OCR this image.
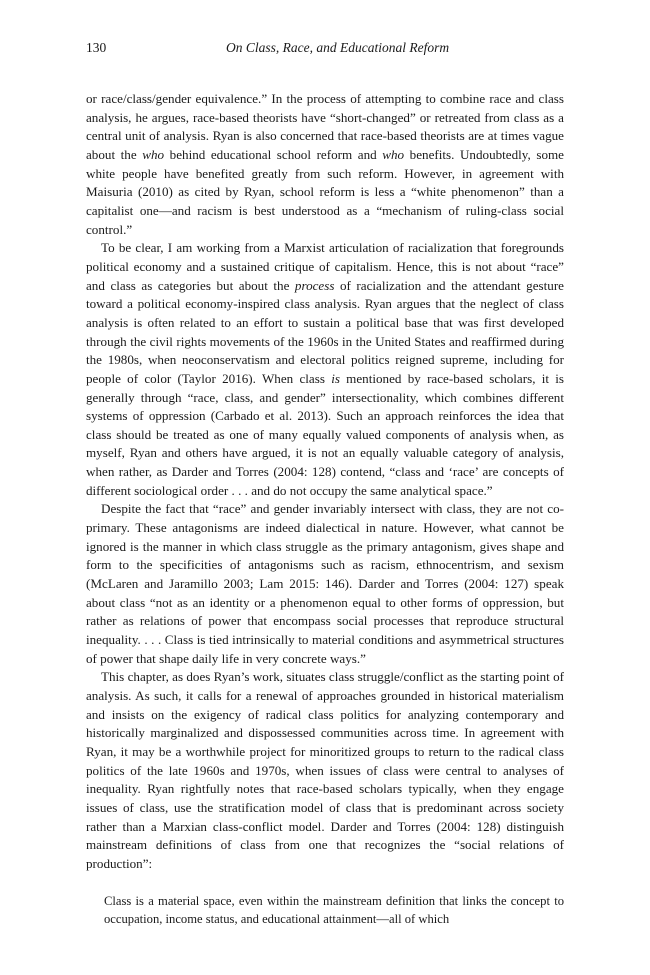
130	On Class, Race, and Educational Reform

or race/class/gender equivalence.” In the process of attempting to combine race and class analysis, he argues, race-based theorists have “short-changed” or retreated from class as a central unit of analysis. Ryan is also concerned that race-based theorists are at times vague about the who behind educational school reform and who benefits. Undoubtedly, some white people have benefited greatly from such reform. However, in agreement with Maisuria (2010) as cited by Ryan, school reform is less a “white phenomenon” than a capitalist one—and racism is best understood as a “mechanism of ruling-class social control.”

To be clear, I am working from a Marxist articulation of racialization that foregrounds political economy and a sustained critique of capitalism. Hence, this is not about “race” and class as categories but about the process of racialization and the attendant gesture toward a political economy-inspired class analysis. Ryan argues that the neglect of class analysis is often related to an effort to sustain a political base that was first developed through the civil rights movements of the 1960s in the United States and reaffirmed during the 1980s, when neoconservatism and electoral politics reigned supreme, including for people of color (Taylor 2016). When class is mentioned by race-based scholars, it is generally through “race, class, and gender” intersectionality, which combines different systems of oppression (Carbado et al. 2013). Such an approach reinforces the idea that class should be treated as one of many equally valued components of analysis when, as myself, Ryan and others have argued, it is not an equally valuable category of analysis, when rather, as Darder and Torres (2004: 128) contend, “class and ‘race’ are concepts of different sociological order . . . and do not occupy the same analytical space.”

Despite the fact that “race” and gender invariably intersect with class, they are not co-primary. These antagonisms are indeed dialectical in nature. However, what cannot be ignored is the manner in which class struggle as the primary antagonism, gives shape and form to the specificities of antagonisms such as racism, ethnocentrism, and sexism (McLaren and Jaramillo 2003; Lam 2015: 146). Darder and Torres (2004: 127) speak about class “not as an identity or a phenomenon equal to other forms of oppression, but rather as relations of power that encompass social processes that reproduce structural inequality. . . . Class is tied intrinsically to material conditions and asymmetrical structures of power that shape daily life in very concrete ways.”

This chapter, as does Ryan’s work, situates class struggle/conflict as the starting point of analysis. As such, it calls for a renewal of approaches grounded in historical materialism and insists on the exigency of radical class politics for analyzing contemporary and historically marginalized and dispossessed communities across time. In agreement with Ryan, it may be a worthwhile project for minoritized groups to return to the radical class politics of the late 1960s and 1970s, when issues of class were central to analyses of inequality. Ryan rightfully notes that race-based scholars typically, when they engage issues of class, use the stratification model of class that is predominant across society rather than a Marxian class-conflict model. Darder and Torres (2004: 128) distinguish mainstream definitions of class from one that recognizes the “social relations of production”:

Class is a material space, even within the mainstream definition that links the concept to occupation, income status, and educational attainment—all of which
